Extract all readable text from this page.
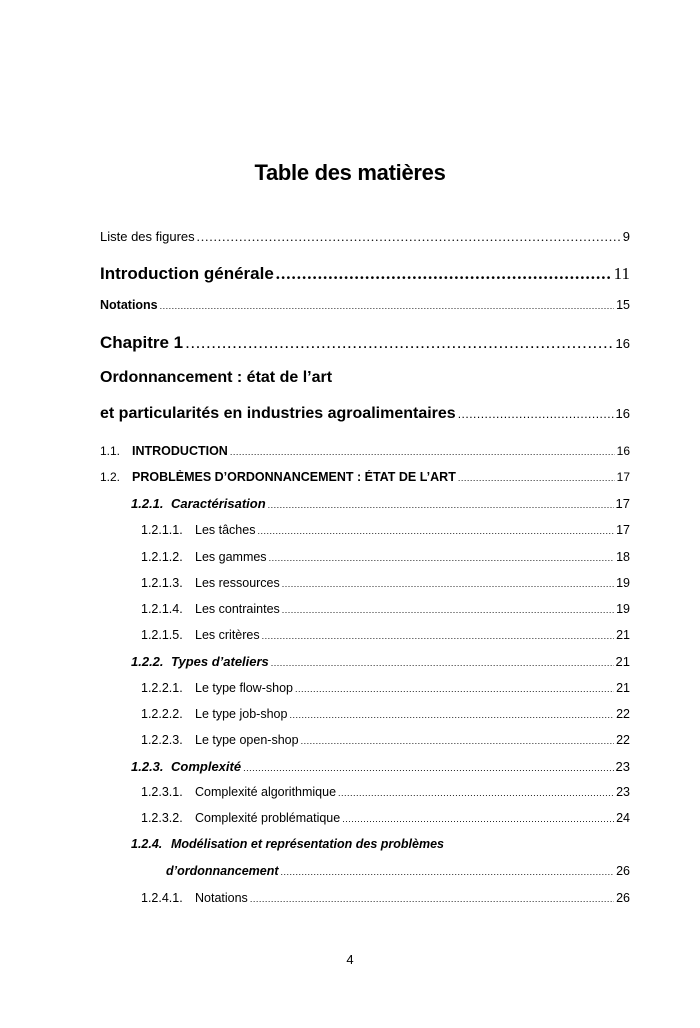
Table des matières
Liste des figures .....	9
Introduction générale .....	11
Notations .....	15
Chapitre 1 .....	16
Ordonnancement : état de l’art
et particularités en industries agroalimentaires .....	16
1.1. INTRODUCTION .....	16
1.2. PROBLÈMES D’ORDONNANCEMENT : ÉTAT DE L’ART .....	17
1.2.1. Caractérisation .....	17
1.2.1.1. Les tâches .....	17
1.2.1.2. Les gammes .....	18
1.2.1.3. Les ressources .....	19
1.2.1.4. Les contraintes .....	19
1.2.1.5. Les critères .....	21
1.2.2. Types d’ateliers .....	21
1.2.2.1. Le type flow-shop .....	21
1.2.2.2. Le type job-shop .....	22
1.2.2.3. Le type open-shop .....	22
1.2.3. Complexité .....	23
1.2.3.1. Complexité algorithmique .....	23
1.2.3.2. Complexité problématique .....	24
1.2.4. Modélisation et représentation des problèmes
d’ordonnancement .....	26
1.2.4.1. Notations .....	26
4
